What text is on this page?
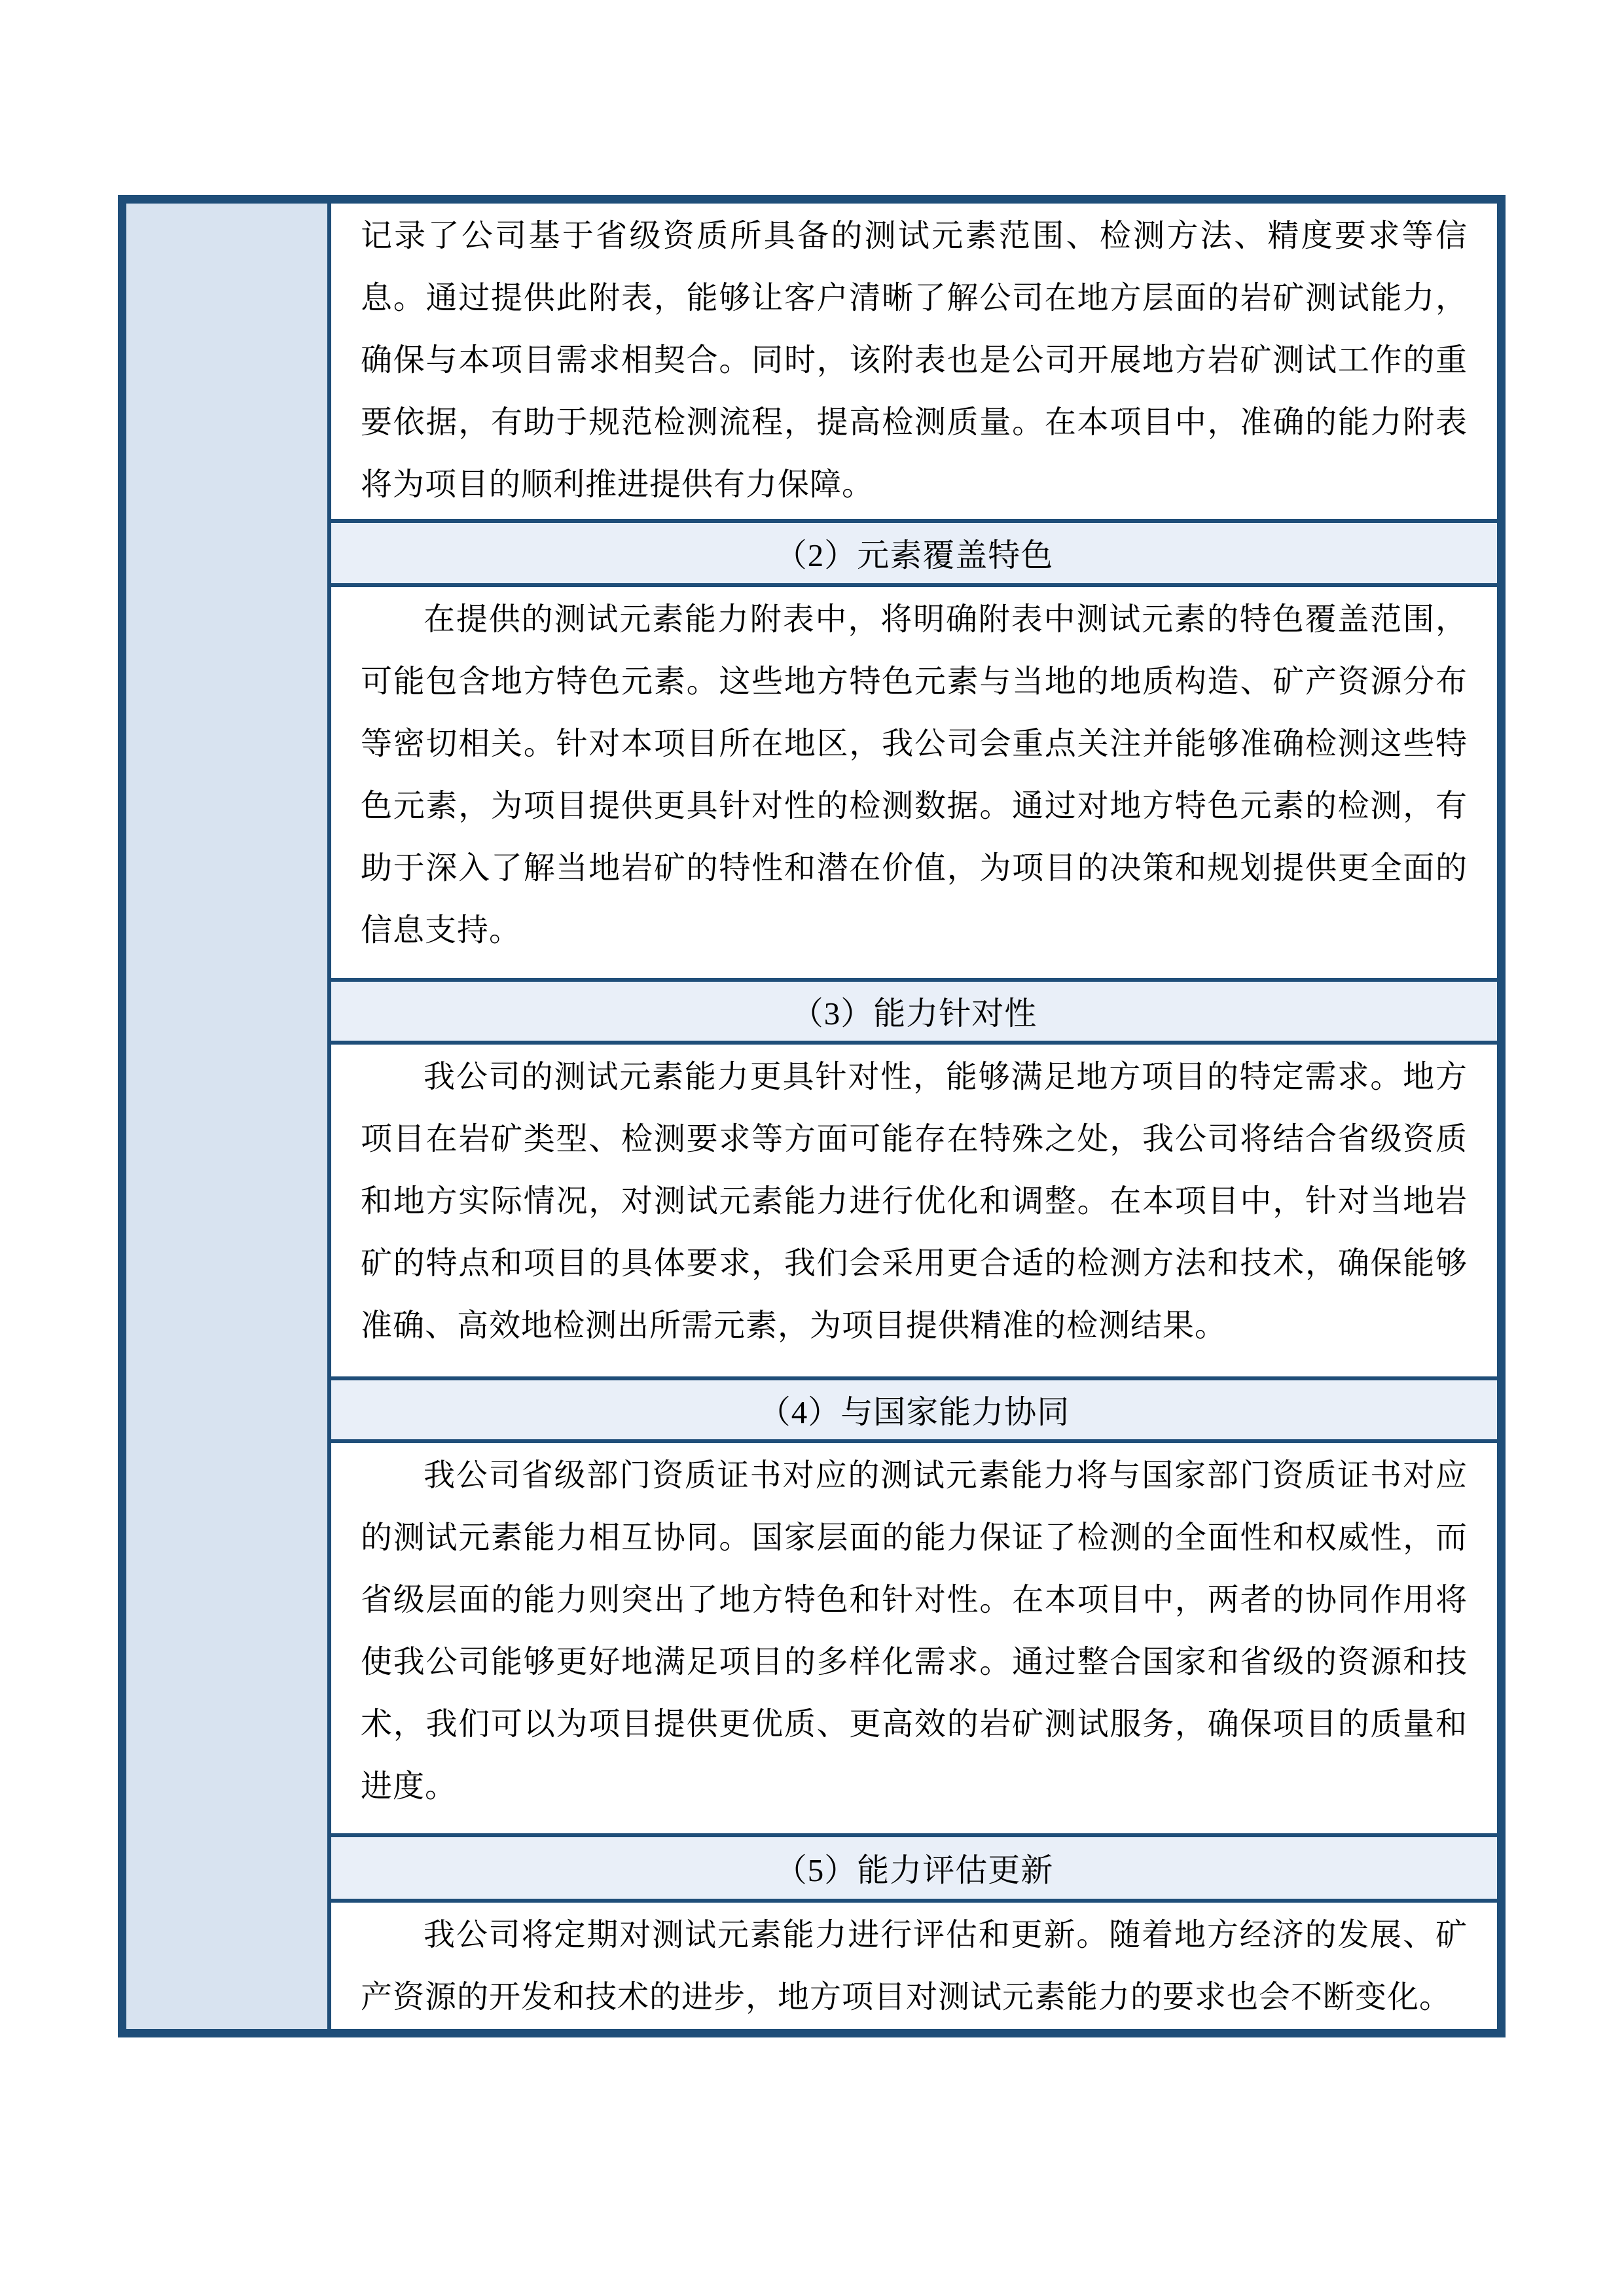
记录了公司基于省级资质所具备的测试元素范围、检测方法、精度要求等信息。通过提供此附表，能够让客户清晰了解公司在地方层面的岩矿测试能力，确保与本项目需求相契合。同时，该附表也是公司开展地方岩矿测试工作的重要依据，有助于规范检测流程，提高检测质量。在本项目中，准确的能力附表将为项目的顺利推进提供有力保障。

（2）元素覆盖特色

在提供的测试元素能力附表中，将明确附表中测试元素的特色覆盖范围，可能包含地方特色元素。这些地方特色元素与当地的地质构造、矿产资源分布等密切相关。针对本项目所在地区，我公司会重点关注并能够准确检测这些特色元素，为项目提供更具针对性的检测数据。通过对地方特色元素的检测，有助于深入了解当地岩矿的特性和潜在价值，为项目的决策和规划提供更全面的信息支持。

（3）能力针对性

我公司的测试元素能力更具针对性，能够满足地方项目的特定需求。地方项目在岩矿类型、检测要求等方面可能存在特殊之处，我公司将结合省级资质和地方实际情况，对测试元素能力进行优化和调整。在本项目中，针对当地岩矿的特点和项目的具体要求，我们会采用更合适的检测方法和技术，确保能够准确、高效地检测出所需元素，为项目提供精准的检测结果。

（4）与国家能力协同

我公司省级部门资质证书对应的测试元素能力将与国家部门资质证书对应的测试元素能力相互协同。国家层面的能力保证了检测的全面性和权威性，而省级层面的能力则突出了地方特色和针对性。在本项目中，两者的协同作用将使我公司能够更好地满足项目的多样化需求。通过整合国家和省级的资源和技术，我们可以为项目提供更优质、更高效的岩矿测试服务，确保项目的质量和进度。

（5）能力评估更新

我公司将定期对测试元素能力进行评估和更新。随着地方经济的发展、矿产资源的开发和技术的进步，地方项目对测试元素能力的要求也会不断变化。
